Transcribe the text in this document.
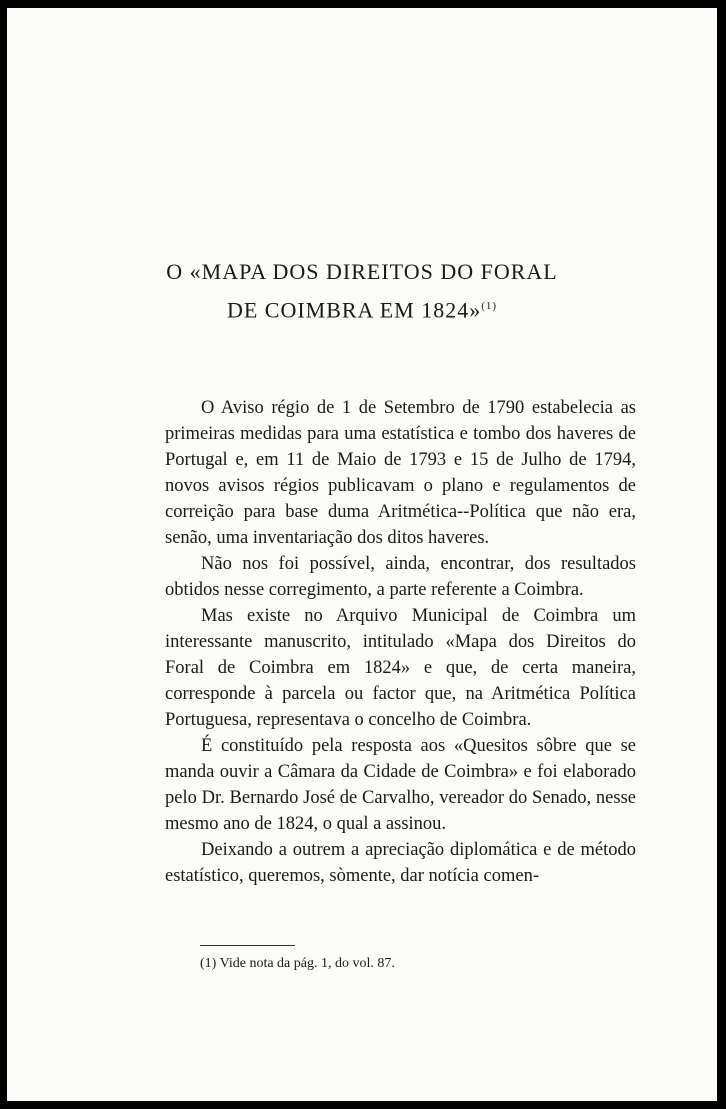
O «MAPA DOS DIREITOS DO FORAL
DE COIMBRA EM 1824»$^{(1)}$

O Aviso régio de 1 de Setembro de 1790 estabelecia as primeiras medidas para uma estatística e tombo dos haveres de Portugal e, em 11 de Maio de 1793 e 15 de Julho de 1794, novos avisos régios publicavam o plano e regulamentos de correição para base duma Aritmética--Política que não era, senão, uma inventariação dos ditos haveres.

Não nos foi possível, ainda, encontrar, dos resultados obtidos nesse corregimento, a parte referente a Coimbra.

Mas existe no Arquivo Municipal de Coimbra um interessante manuscrito, intitulado «Mapa dos Direitos do Foral de Coimbra em 1824» e que, de certa maneira, corresponde à parcela ou factor que, na Aritmética Política Portuguesa, representava o concelho de Coimbra.

É constituído pela resposta aos «Quesitos sôbre que se manda ouvir a Câmara da Cidade de Coimbra» e foi elaborado pelo Dr. Bernardo José de Carvalho, vereador do Senado, nesse mesmo ano de 1824, o qual a assinou.

Deixando a outrem a apreciação diplomática e de método estatístico, queremos, sòmente, dar notícia comen-

(1) Vide nota da pág. 1, do vol. 87.
